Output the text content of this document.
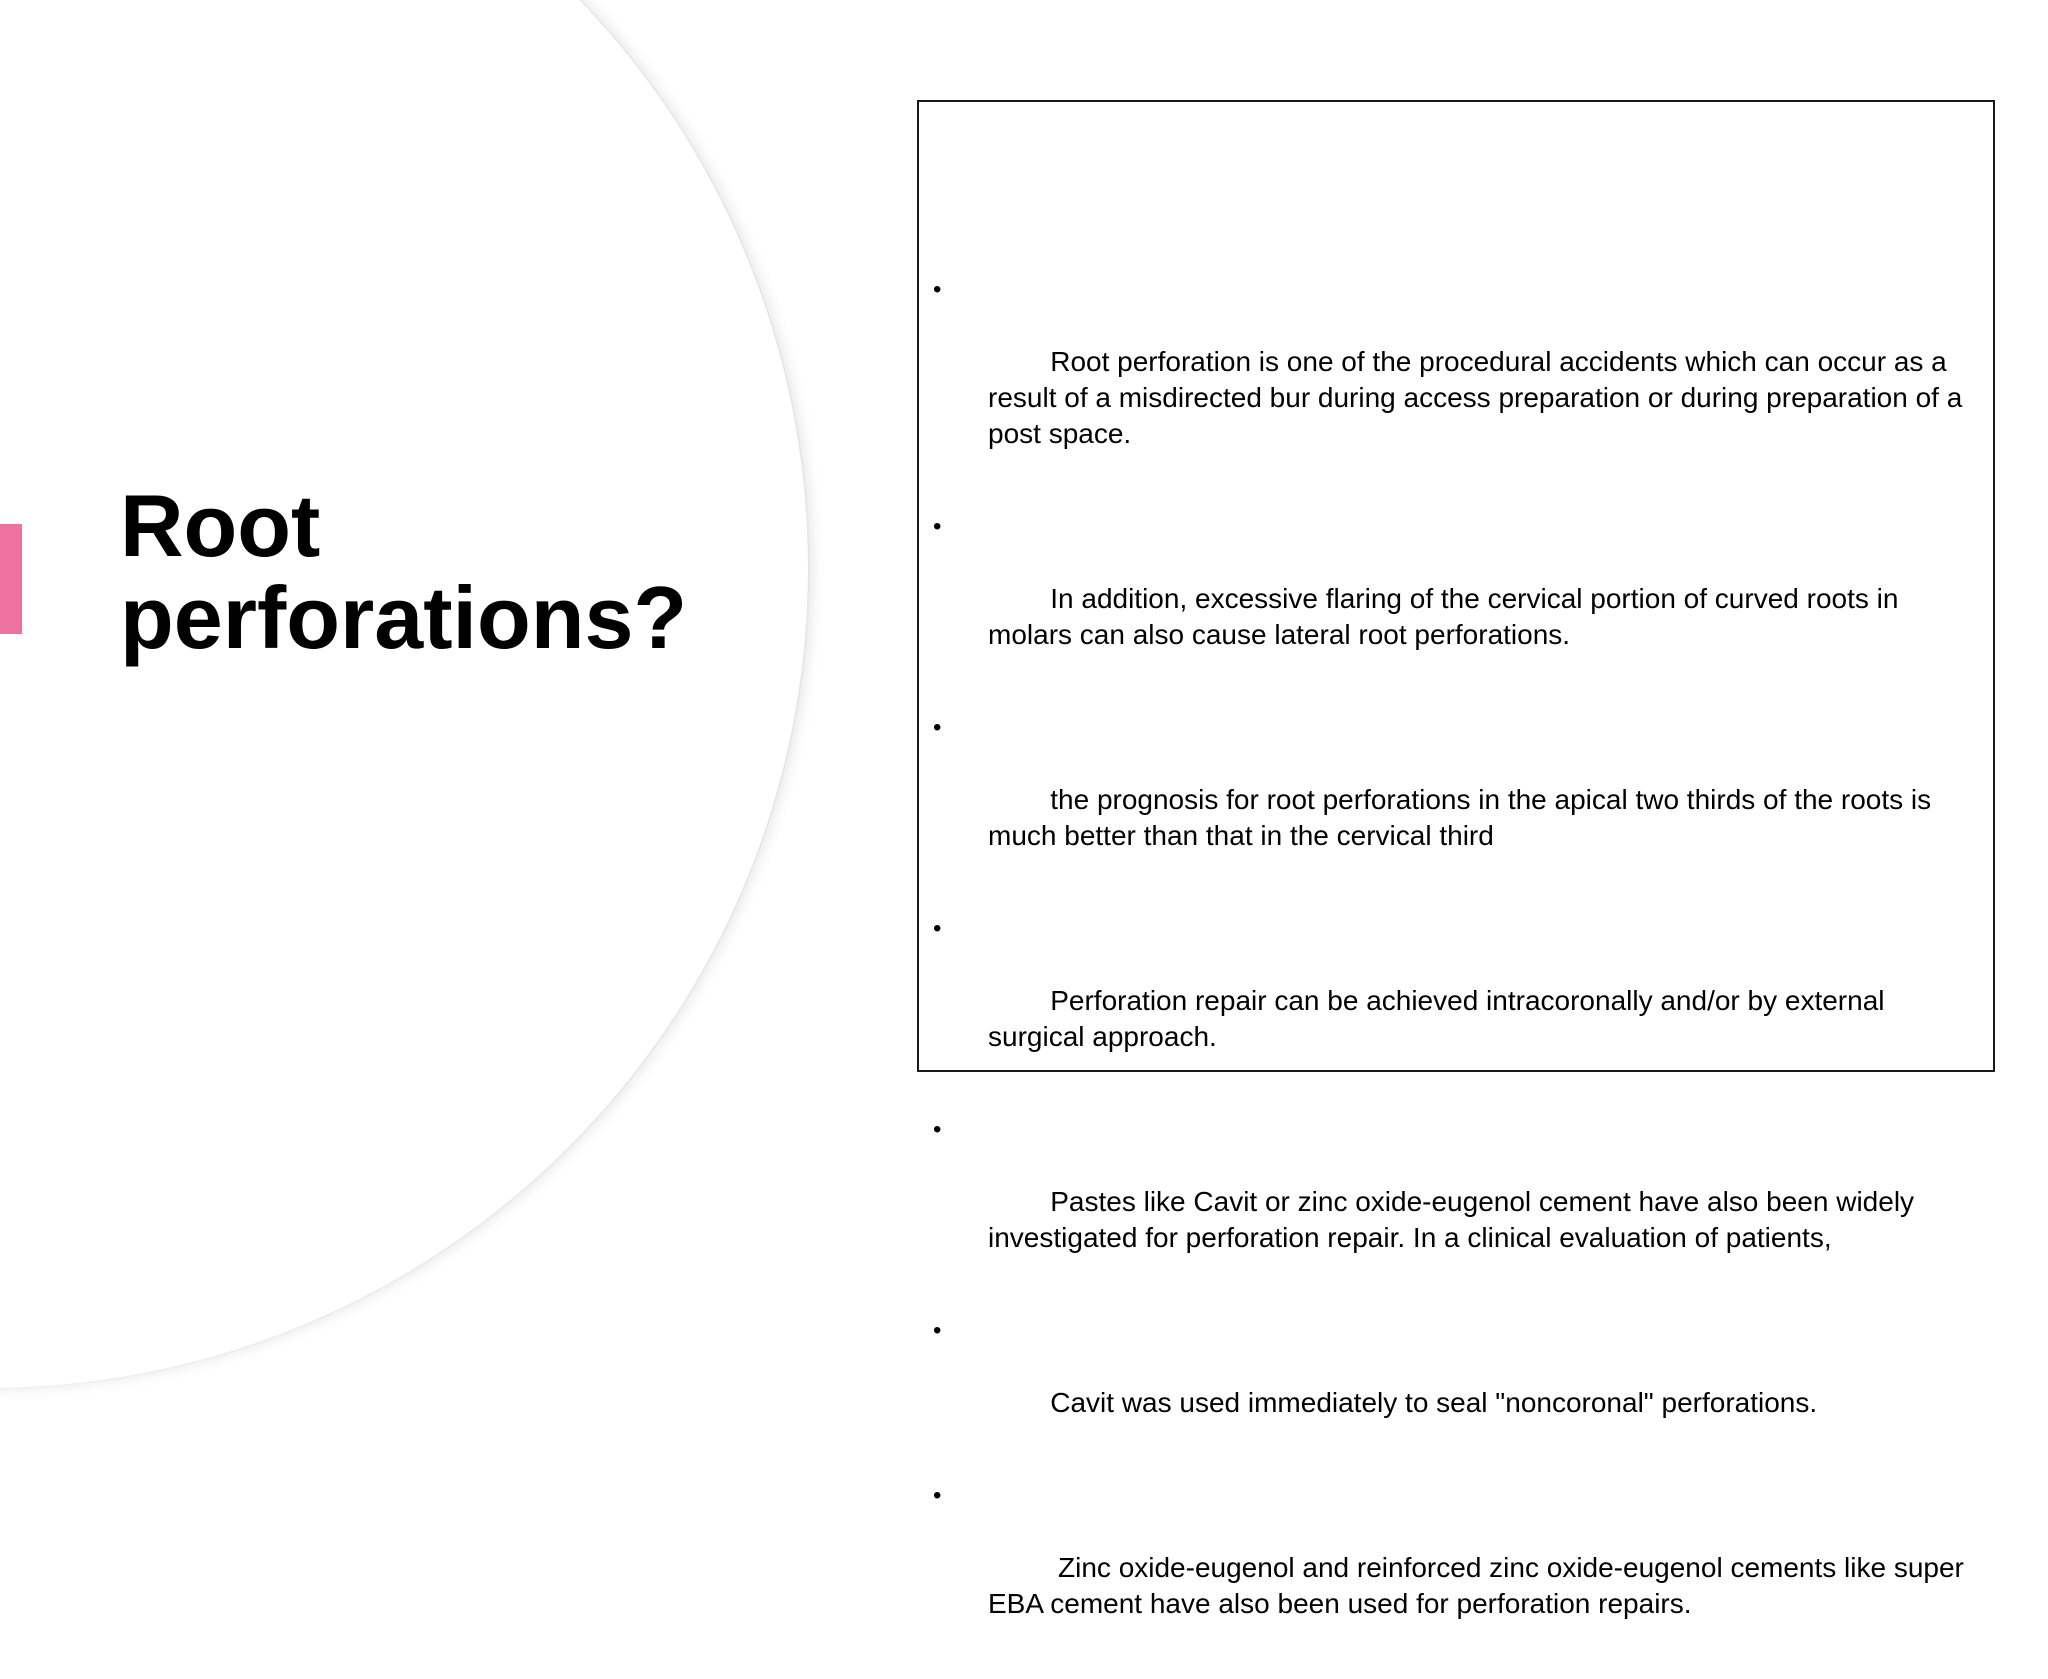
Root perforations?

•

Root perforation is one of the procedural accidents which can occur as a result of a misdirected bur during access preparation or during preparation of a post space.

•

In addition, excessive flaring of the cervical portion of curved roots in molars can also cause lateral root perforations.

•

the prognosis for root perforations in the apical two thirds of the roots is much better than that in the cervical third

•

Perforation repair can be achieved intracoronally and/or by external surgical approach.

•

Pastes like Cavit or zinc oxide-eugenol cement have also been widely investigated for perforation repair. In a clinical evaluation of patients,

•

Cavit was used immediately to seal "noncoronal" perforations.

•

Zinc oxide-eugenol and reinforced zinc oxide-eugenol cements like super EBA cement have also been used for perforation repairs.
